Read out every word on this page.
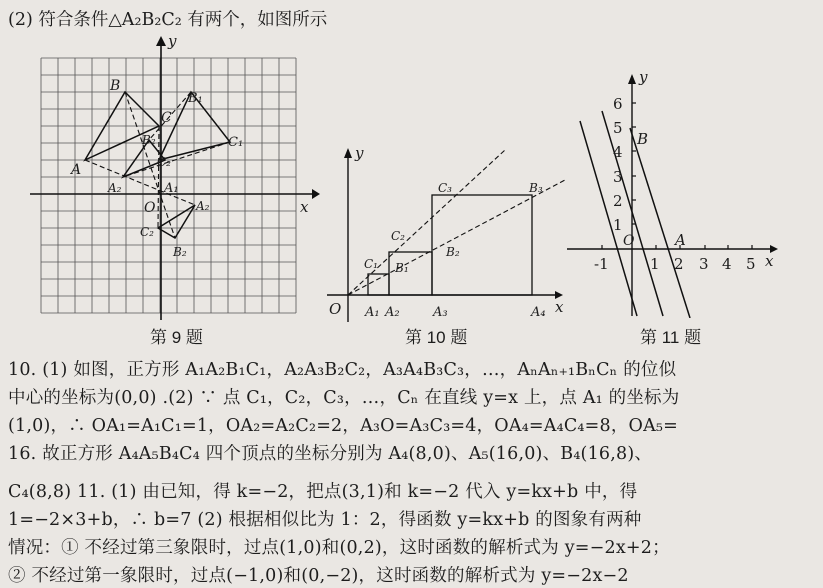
(2) 符合条件△A₂B₂C₂ 有两个，如图所示
y
x
O
A
B
C
A₁
B₁
C₁
A₂
B₂
C₂
A₂
B₂
C₂
第 9 题
y
x
O A₁ A₂	A₃	A₄
C₁ B₁
C₂
B₂
C₃	B₃
第 10 题
y
x
O
B
A
-1	1 2 3 4 5
1
2
3
4
5
6
第 11 题
10. (1) 如图，正方形 A₁A₂B₁C₁，A₂A₃B₂C₂，A₃A₄B₃C₃，…，AₙAₙ₊₁BₙCₙ 的位似
中心的坐标为(0,0) .(2) ∵ 点 C₁，C₂，C₃，…，Cₙ 在直线 y=x 上，点 A₁ 的坐标为
(1,0)，∴ OA₁=A₁C₁=1，OA₂=A₂C₂=2，A₃O=A₃C₃=4，OA₄=A₄C₄=8，OA₅=
16. 故正方形 A₄A₅B₄C₄ 四个顶点的坐标分别为 A₄(8,0)、A₅(16,0)、B₄(16,8)、
C₄(8,8) 11. (1) 由已知，得 k=−2，把点(3,1)和 k=−2 代入 y=kx+b 中，得
1=−2×3+b，∴ b=7 (2) 根据相似比为 1：2，得函数 y=kx+b 的图象有两种
情况：① 不经过第三象限时，过点(1,0)和(0,2)，这时函数的解析式为 y=−2x+2；
② 不经过第一象限时，过点(−1,0)和(0,−2)，这时函数的解析式为 y=−2x−2
